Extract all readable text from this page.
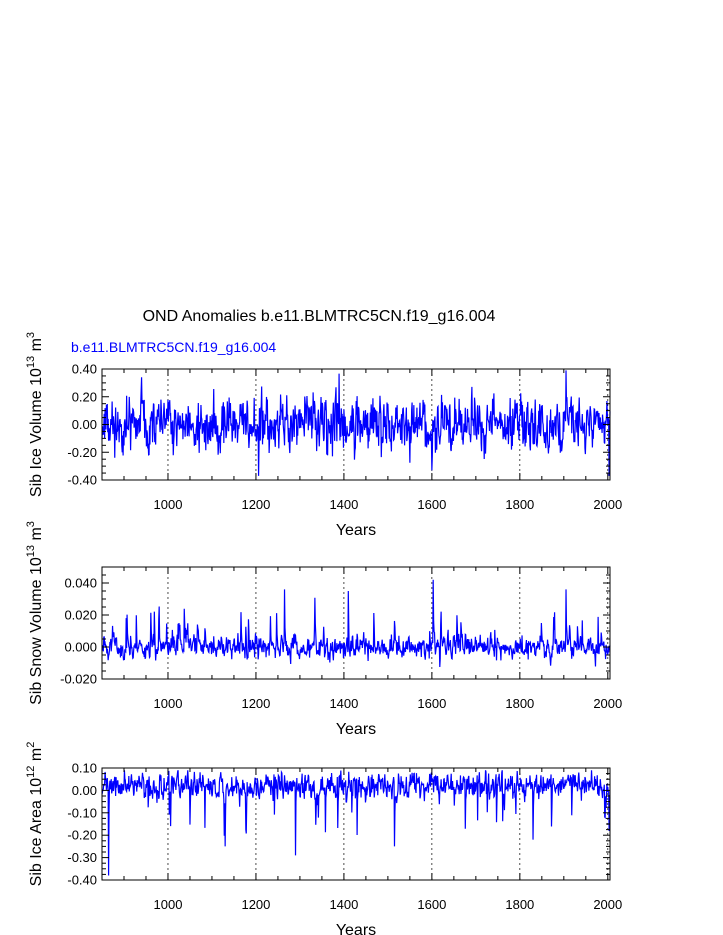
OND Anomalies b.e11.BLMTRC5CN.f19_g16.004
1000	1200	1400	1600	1800	2000
-0.40
-0.20
0.00
0.20
0.40
Years
Sib Ice Volume $10^{13}$ $m^3$
b.e11.BLMTRC5CN.f19_g16.004
1000	1200	1400	1600	1800	2000
-0.020
0.000
0.020
0.040
Years
Sib Snow Volume $10^{13}$ $m^3$
1000	1200	1400	1600	1800	2000
-0.40
-0.30
-0.20
-0.10
0.00
0.10
Years
Sib Ice Area $10^{12}$ $m^2$
